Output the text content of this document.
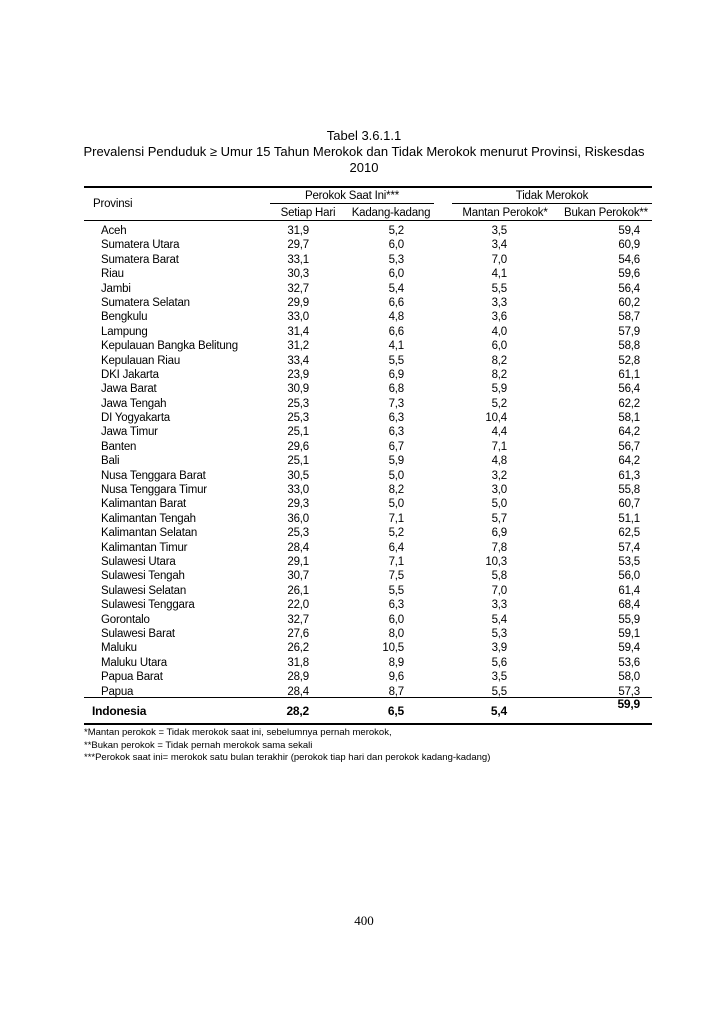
Tabel 3.6.1.1
Prevalensi Penduduk ≥ Umur 15 Tahun Merokok dan Tidak Merokok menurut Provinsi, Riskesdas
2010
Provinsi
Perokok Saat Ini***	Tidak Merokok
Setiap Hari	Kadang-kadang	Mantan Perokok*	Bukan Perokok**
Aceh	31,9	5,2	3,5	59,4
Sumatera Utara	29,7	6,0	3,4	60,9
Sumatera Barat	33,1	5,3	7,0	54,6
Riau	30,3	6,0	4,1	59,6
Jambi	32,7	5,4	5,5	56,4
Sumatera Selatan	29,9	6,6	3,3	60,2
Bengkulu	33,0	4,8	3,6	58,7
Lampung	31,4	6,6	4,0	57,9
Kepulauan Bangka Belitung	31,2	4,1	6,0	58,8
Kepulauan Riau	33,4	5,5	8,2	52,8
DKI Jakarta	23,9	6,9	8,2	61,1
Jawa Barat	30,9	6,8	5,9	56,4
Jawa Tengah	25,3	7,3	5,2	62,2
DI Yogyakarta	25,3	6,3	10,4	58,1
Jawa Timur	25,1	6,3	4,4	64,2
Banten	29,6	6,7	7,1	56,7
Bali	25,1	5,9	4,8	64,2
Nusa Tenggara Barat	30,5	5,0	3,2	61,3
Nusa Tenggara Timur	33,0	8,2	3,0	55,8
Kalimantan Barat	29,3	5,0	5,0	60,7
Kalimantan Tengah	36,0	7,1	5,7	51,1
Kalimantan Selatan	25,3	5,2	6,9	62,5
Kalimantan Timur	28,4	6,4	7,8	57,4
Sulawesi Utara	29,1	7,1	10,3	53,5
Sulawesi Tengah	30,7	7,5	5,8	56,0
Sulawesi Selatan	26,1	5,5	7,0	61,4
Sulawesi Tenggara	22,0	6,3	3,3	68,4
Gorontalo	32,7	6,0	5,4	55,9
Sulawesi Barat	27,6	8,0	5,3	59,1
Maluku	26,2	10,5	3,9	59,4
Maluku Utara	31,8	8,9	5,6	53,6
Papua Barat	28,9	9,6	3,5	58,0
Papua	28,4	8,7	5,5	57,3
Indonesia	28,2	6,5	5,4	59,9
*Mantan perokok = Tidak merokok saat ini, sebelumnya pernah merokok,
**Bukan perokok = Tidak pernah merokok sama sekali
***Perokok saat ini= merokok satu bulan terakhir (perokok tiap hari dan perokok kadang-kadang)
400
